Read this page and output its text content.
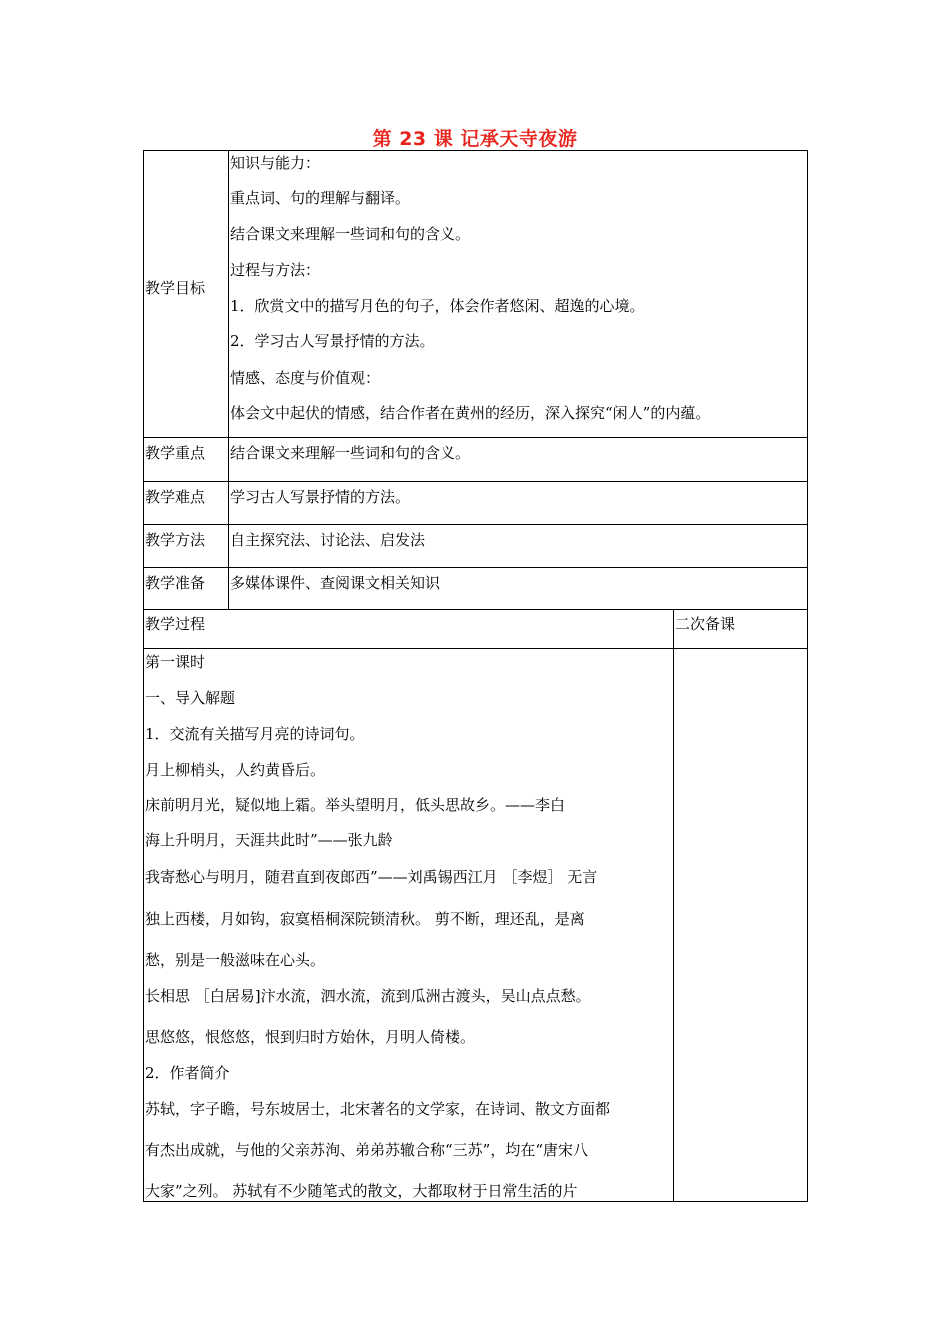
第 23 课 记承天寺夜游
教学目标
知识与能力：
重点词、句的理解与翻译。
结合课文来理解一些词和句的含义。
过程与方法：
1．欣赏文中的描写月色的句子，体会作者悠闲、超逸的心境。
2．学习古人写景抒情的方法。
情感、态度与价值观：
体会文中起伏的情感，结合作者在黄州的经历，深入探究“闲人”的内蕴。
教学重点 结合课文来理解一些词和句的含义。
教学难点 学习古人写景抒情的方法。
教学方法 自主探究法、讨论法、启发法
教学准备 多媒体课件、查阅课文相关知识
教学过程	二次备课
第一课时
一、导入解题
1．交流有关描写月亮的诗词句。
月上柳梢头，人约黄昏后。
床前明月光，疑似地上霜。举头望明月，低头思故乡。——李白
海上升明月，天涯共此时”——张九龄
我寄愁心与明月，随君直到夜郎西”——刘禹锡西江月 ［李煜］ 无言
独上西楼，月如钩，寂寞梧桐深院锁清秋。 剪不断，理还乱，是离
愁，别是一般滋味在心头。
长相思 ［白居易]汴水流，泗水流，流到瓜洲古渡头，吴山点点愁。
思悠悠，恨悠悠，恨到归时方始休，月明人倚楼。
2．作者简介
苏轼，字子瞻，号东坡居士，北宋著名的文学家，在诗词、散文方面都
有杰出成就，与他的父亲苏洵、弟弟苏辙合称“三苏”，均在“唐宋八
大家”之列。 苏轼有不少随笔式的散文，大都取材于日常生活的片
